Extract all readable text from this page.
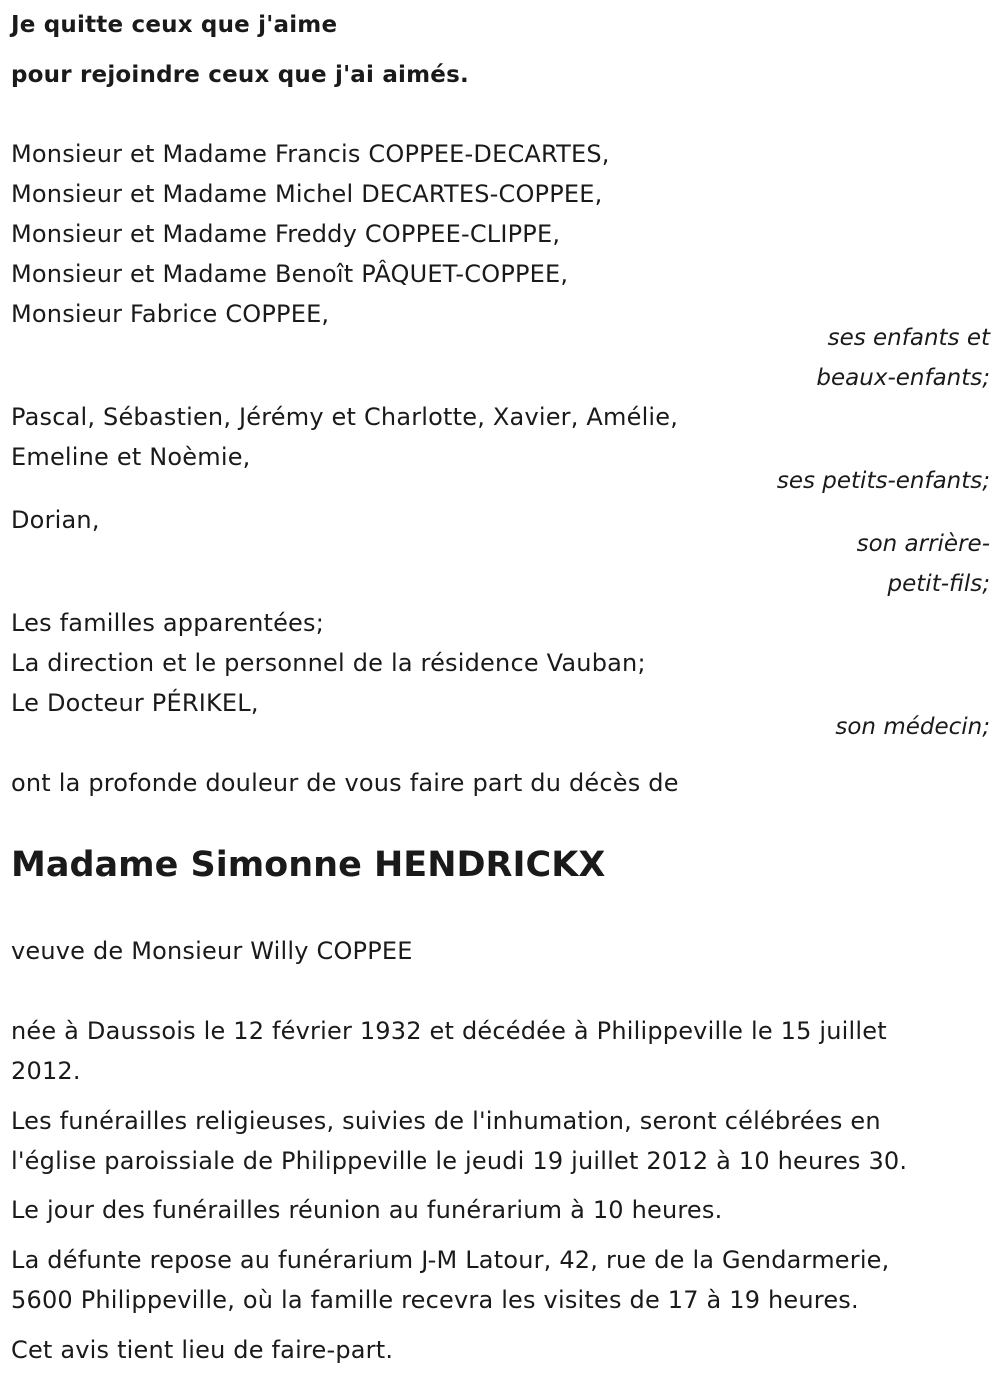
Je quitte ceux que j'aime
pour rejoindre ceux que j'ai aimés.
Monsieur et Madame Francis COPPEE-DECARTES,
Monsieur et Madame Michel DECARTES-COPPEE,
Monsieur et Madame Freddy COPPEE-CLIPPE,
Monsieur et Madame Benoît PÂQUET-COPPEE,
Monsieur Fabrice COPPEE,
ses enfants et
beaux-enfants;
Pascal, Sébastien, Jérémy et Charlotte, Xavier, Amélie,
Emeline et Noèmie,
ses petits-enfants;
Dorian,
son arrière-
petit-fils;
Les familles apparentées;
La direction et le personnel de la résidence Vauban;
Le Docteur PÉRIKEL,
son médecin;
ont la profonde douleur de vous faire part du décès de
Madame Simonne HENDRICKX
veuve de Monsieur Willy COPPEE
née à Daussois le 12 février 1932 et décédée à Philippeville le 15 juillet
2012.
Les funérailles religieuses, suivies de l'inhumation, seront célébrées en
l'église paroissiale de Philippeville le jeudi 19 juillet 2012 à 10 heures 30.
Le jour des funérailles réunion au funérarium à 10 heures.
La défunte repose au funérarium J-M Latour, 42, rue de la Gendarmerie,
5600 Philippeville, où la famille recevra les visites de 17 à 19 heures.
Cet avis tient lieu de faire-part.
